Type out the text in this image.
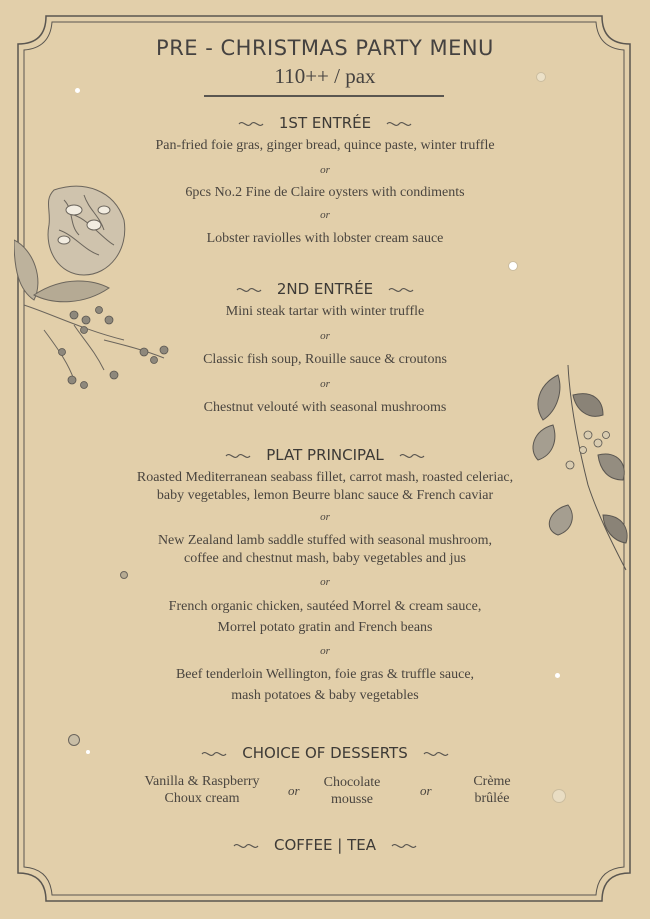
PRE - CHRISTMAS PARTY MENU
110++ / pax
1ST ENTRÉE
Pan-fried foie gras, ginger bread, quince paste, winter truffle
or
6pcs No.2 Fine de Claire oysters with condiments
or
Lobster raviolles with lobster cream sauce
2ND ENTRÉE
Mini steak tartar with winter truffle
or
Classic fish soup, Rouille sauce & croutons
or
Chestnut velouté with seasonal mushrooms
PLAT PRINCIPAL
Roasted Mediterranean seabass fillet, carrot mash, roasted celeriac,
baby vegetables, lemon Beurre blanc sauce & French caviar
or
New Zealand lamb saddle stuffed with seasonal mushroom,
coffee and chestnut mash, baby vegetables and jus
or
French organic chicken, sautéed Morrel & cream sauce,
Morrel potato gratin and French beans
or
Beef tenderloin Wellington, foie gras & truffle sauce,
mash potatoes & baby vegetables
CHOICE OF DESSERTS
Vanilla & Raspberry
Choux cream
or
Chocolate
mousse
or
Crème
brûlée
COFFEE | TEA
